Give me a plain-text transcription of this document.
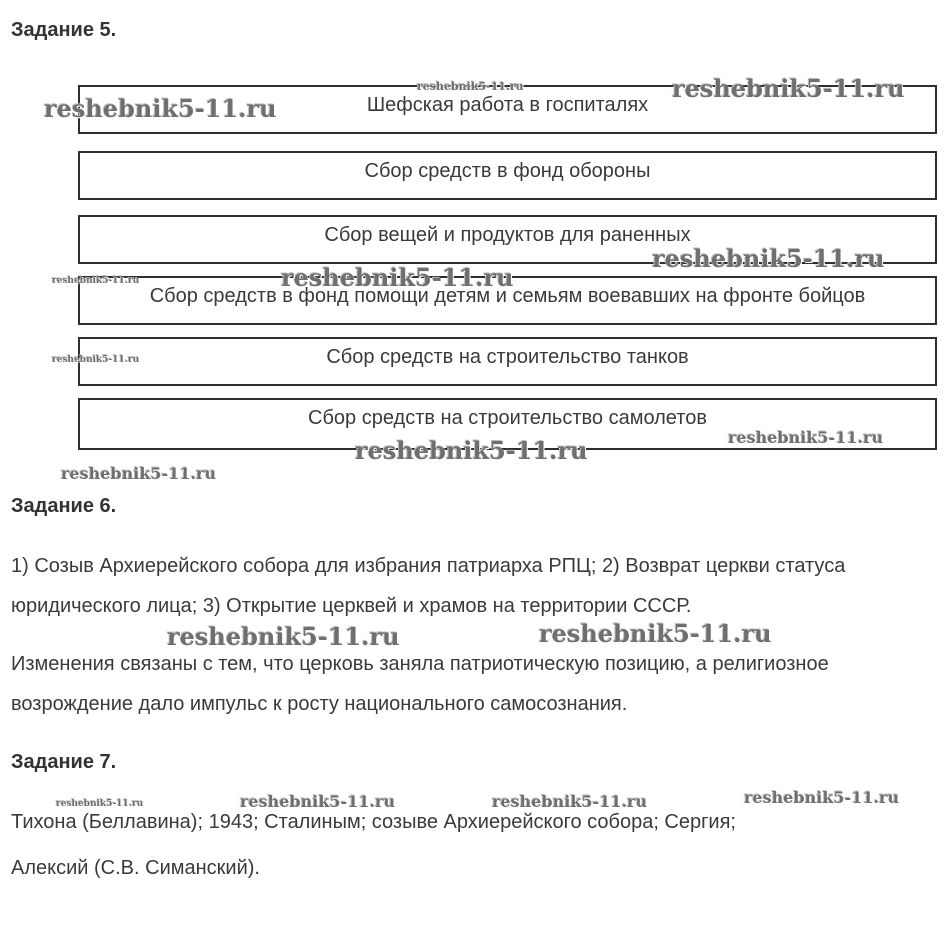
Задание 5.
Шефская работа в госпиталях
Сбор средств в фонд обороны
Сбор вещей и продуктов для раненных
Сбор средств в фонд помощи детям и семьям воевавших на фронте бойцов
Сбор средств на строительство танков
Сбор средств на строительство самолетов
Задание 6.

1) Созыв Архиерейского собора для избрания патриарха РПЦ; 2) Возврат церкви статуса юридического лица; 3) Открытие церквей и храмов на территории СССР.

Изменения связаны с тем, что церковь заняла патриотическую позицию, а религиозное возрождение дало импульс к росту национального самосознания.

Задание 7.

Тихона (Беллавина); 1943; Сталиным; созыве Архиерейского собора; Сергия;

Алексий (С.В. Симанский).

reshebnik5-11.ru
reshebnik5-11.ru	reshebnik5-11.ru
reshebnik5-11.ru
reshebnik5-11.ru
reshebnik5-11.ru
reshebnik5-11.ru
reshebnik5-11.ru	reshebnik5-11.ru
reshebnik5-11.ru
reshebnik5-11.ru	reshebnik5-11.ru
reshebnik5-11.ru	reshebnik5-11.ru	reshebnik5-11.ru	reshebnik5-11.ru
